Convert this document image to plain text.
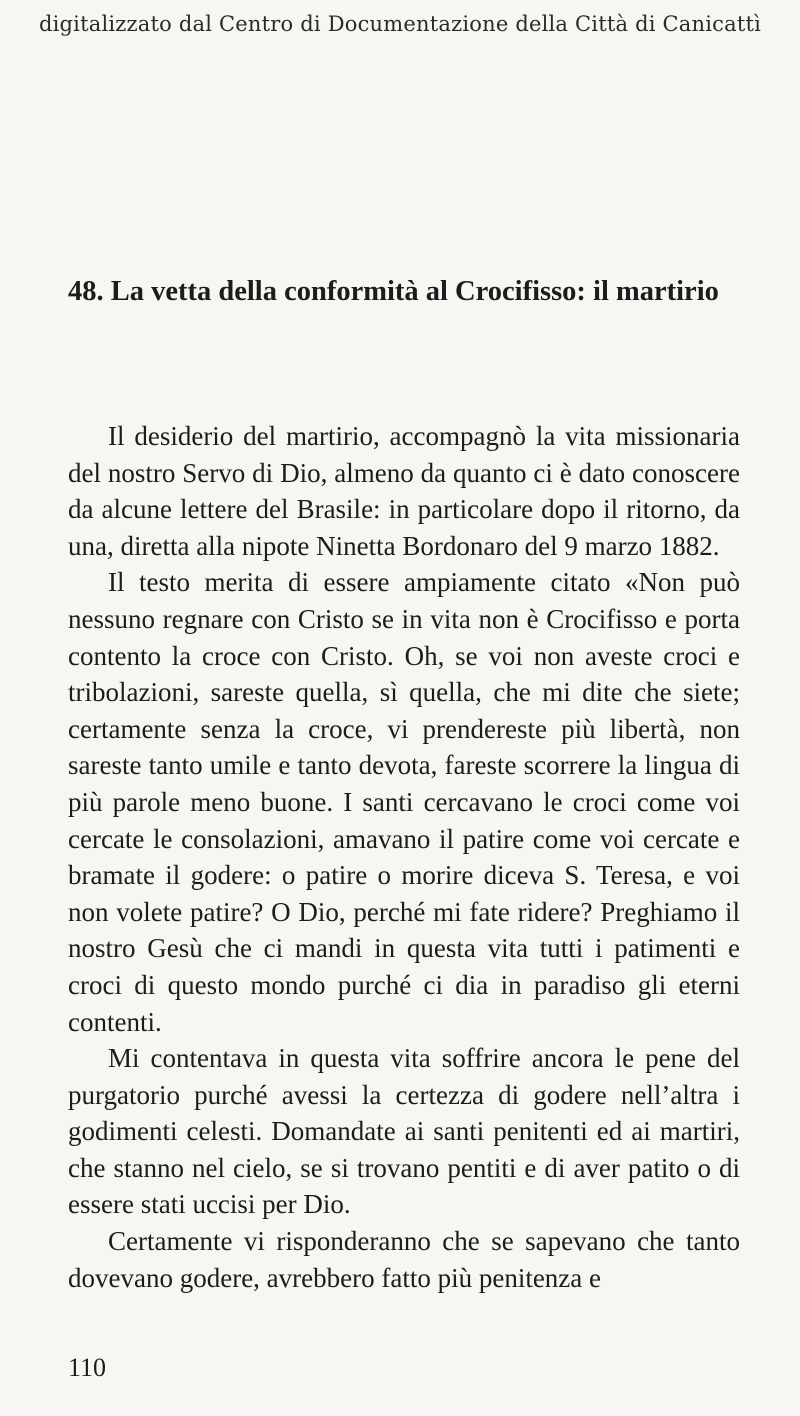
digitalizzato dal Centro di Documentazione della Città di Canicattì
48. La vetta della conformità al Crocifisso: il martirio

Il desiderio del martirio, accompagnò la vita missionaria del nostro Servo di Dio, almeno da quanto ci è dato conoscere da alcune lettere del Brasile: in particolare dopo il ritorno, da una, diretta alla nipote Ninetta Bordonaro del 9 marzo 1882.

Il testo merita di essere ampiamente citato «Non può nessuno regnare con Cristo se in vita non è Crocifisso e porta contento la croce con Cristo. Oh, se voi non aveste croci e tribolazioni, sareste quella, sì quella, che mi dite che siete; certamente senza la croce, vi prendereste più libertà, non sareste tanto umile e tanto devota, fareste scorrere la lingua di più parole meno buone. I santi cercavano le croci come voi cercate le consolazioni, amavano il patire come voi cercate e bramate il godere: o patire o morire diceva S. Teresa, e voi non volete patire? O Dio, perché mi fate ridere? Preghiamo il nostro Gesù che ci mandi in questa vita tutti i patimenti e croci di questo mondo purché ci dia in paradiso gli eterni contenti.

Mi contentava in questa vita soffrire ancora le pene del purgatorio purché avessi la certezza di godere nell’altra i godimenti celesti. Domandate ai santi penitenti ed ai martiri, che stanno nel cielo, se si trovano pentiti e di aver patito o di essere stati uccisi per Dio.

Certamente vi risponderanno che se sapevano che tanto dovevano godere, avrebbero fatto più penitenza e

110
